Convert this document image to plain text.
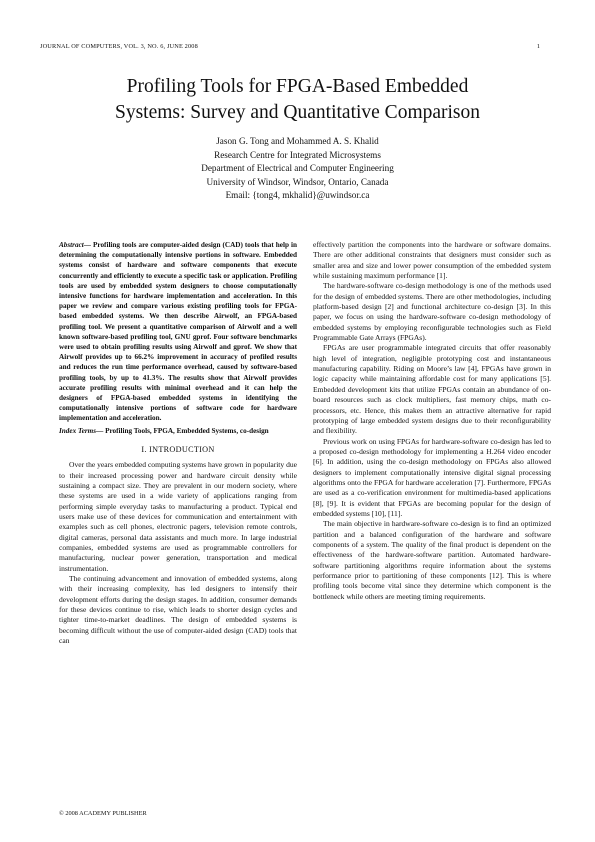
JOURNAL OF COMPUTERS, VOL. 3, NO. 6, JUNE 2008	1
Profiling Tools for FPGA-Based Embedded
Systems: Survey and Quantitative Comparison
Jason G. Tong and Mohammed A. S. Khalid
Research Centre for Integrated Microsystems
Department of Electrical and Computer Engineering
University of Windsor, Windsor, Ontario, Canada
Email: {tong4, mkhalid}@uwindsor.ca

Abstract— Profiling tools are computer-aided design (CAD) tools that help in determining the computationally intensive portions in software. Embedded systems consist of hardware and software components that execute concurrently and efficiently to execute a specific task or application. Profiling tools are used by embedded system designers to choose computationally intensive functions for hardware implementation and acceleration. In this paper we review and compare various existing profiling tools for FPGA-based embedded systems. We then describe Airwolf, an FPGA-based profiling tool. We present a quantitative comparison of Airwolf and a well known software-based profiling tool, GNU gprof. Four software benchmarks were used to obtain profiling results using Airwolf and gprof. We show that Airwolf provides up to 66.2% improvement in accuracy of profiled results and reduces the run time performance overhead, caused by software-based profiling tools, by up to 41.3%. The results show that Airwolf provides accurate profiling results with minimal overhead and it can help the designers of FPGA-based embedded systems in identifying the computationally intensive portions of software code for hardware implementation and acceleration.

Index Terms— Profiling Tools, FPGA, Embedded Systems, co-design

I. INTRODUCTION

Over the years embedded computing systems have grown in popularity due to their increased processing power and hardware circuit density while sustaining a compact size. They are prevalent in our modern society, where these systems are used in a wide variety of applications ranging from performing simple everyday tasks to manufacturing a product. Typical end users make use of these devices for communication and entertainment with examples such as cell phones, electronic pagers, television remote controls, digital cameras, personal data assistants and much more. In large industrial companies, embedded systems are used as programmable controllers for manufacturing, nuclear power generation, transportation and medical instrumentation.

The continuing advancement and innovation of embedded systems, along with their increasing complexity, has led designers to intensify their development efforts during the design stages. In addition, consumer demands for these devices continue to rise, which leads to shorter design cycles and tighter time-to-market deadlines. The design of embedded systems is becoming difficult without the use of computer-aided design (CAD) tools that can

effectively partition the components into the hardware or software domains. There are other additional constraints that designers must consider such as smaller area and size and lower power consumption of the embedded system while sustaining maximum performance [1].

The hardware-software co-design methodology is one of the methods used for the design of embedded systems. There are other methodologies, including platform-based design [2] and functional architecture co-design [3]. In this paper, we focus on using the hardware-software co-design methodology of embedded systems by employing reconfigurable technologies such as Field Programmable Gate Arrays (FPGAs).

FPGAs are user programmable integrated circuits that offer reasonably high level of integration, negligible prototyping cost and instantaneous manufacturing capability. Riding on Moore’s law [4], FPGAs have grown in logic capacity while maintaining affordable cost for many applications [5]. Embedded development kits that utilize FPGAs contain an abundance of on-board resources such as clock multipliers, fast memory chips, math co-processors, etc. Hence, this makes them an attractive alternative for rapid prototyping of large embedded system designs due to their reconfigurability and flexibility.

Previous work on using FPGAs for hardware-software co-design has led to a proposed co-design methodology for implementing a H.264 video encoder [6]. In addition, using the co-design methodology on FPGAs also allowed designers to implement computationally intensive digital signal processing algorithms onto the FPGA for hardware acceleration [7]. Furthermore, FPGAs are used as a co-verification environment for multimedia-based applications [8], [9]. It is evident that FPGAs are becoming popular for the design of embedded systems [10], [11].

The main objective in hardware-software co-design is to find an optimized partition and a balanced configuration of the hardware and software components of a system. The quality of the final product is dependent on the effectiveness of the hardware-software partition. Automated hardware-software partitioning algorithms require information about the systems performance prior to partitioning of these components [12]. This is where profiling tools become vital since they determine which component is the bottleneck while others are meeting timing requirements.

© 2008 ACADEMY PUBLISHER
